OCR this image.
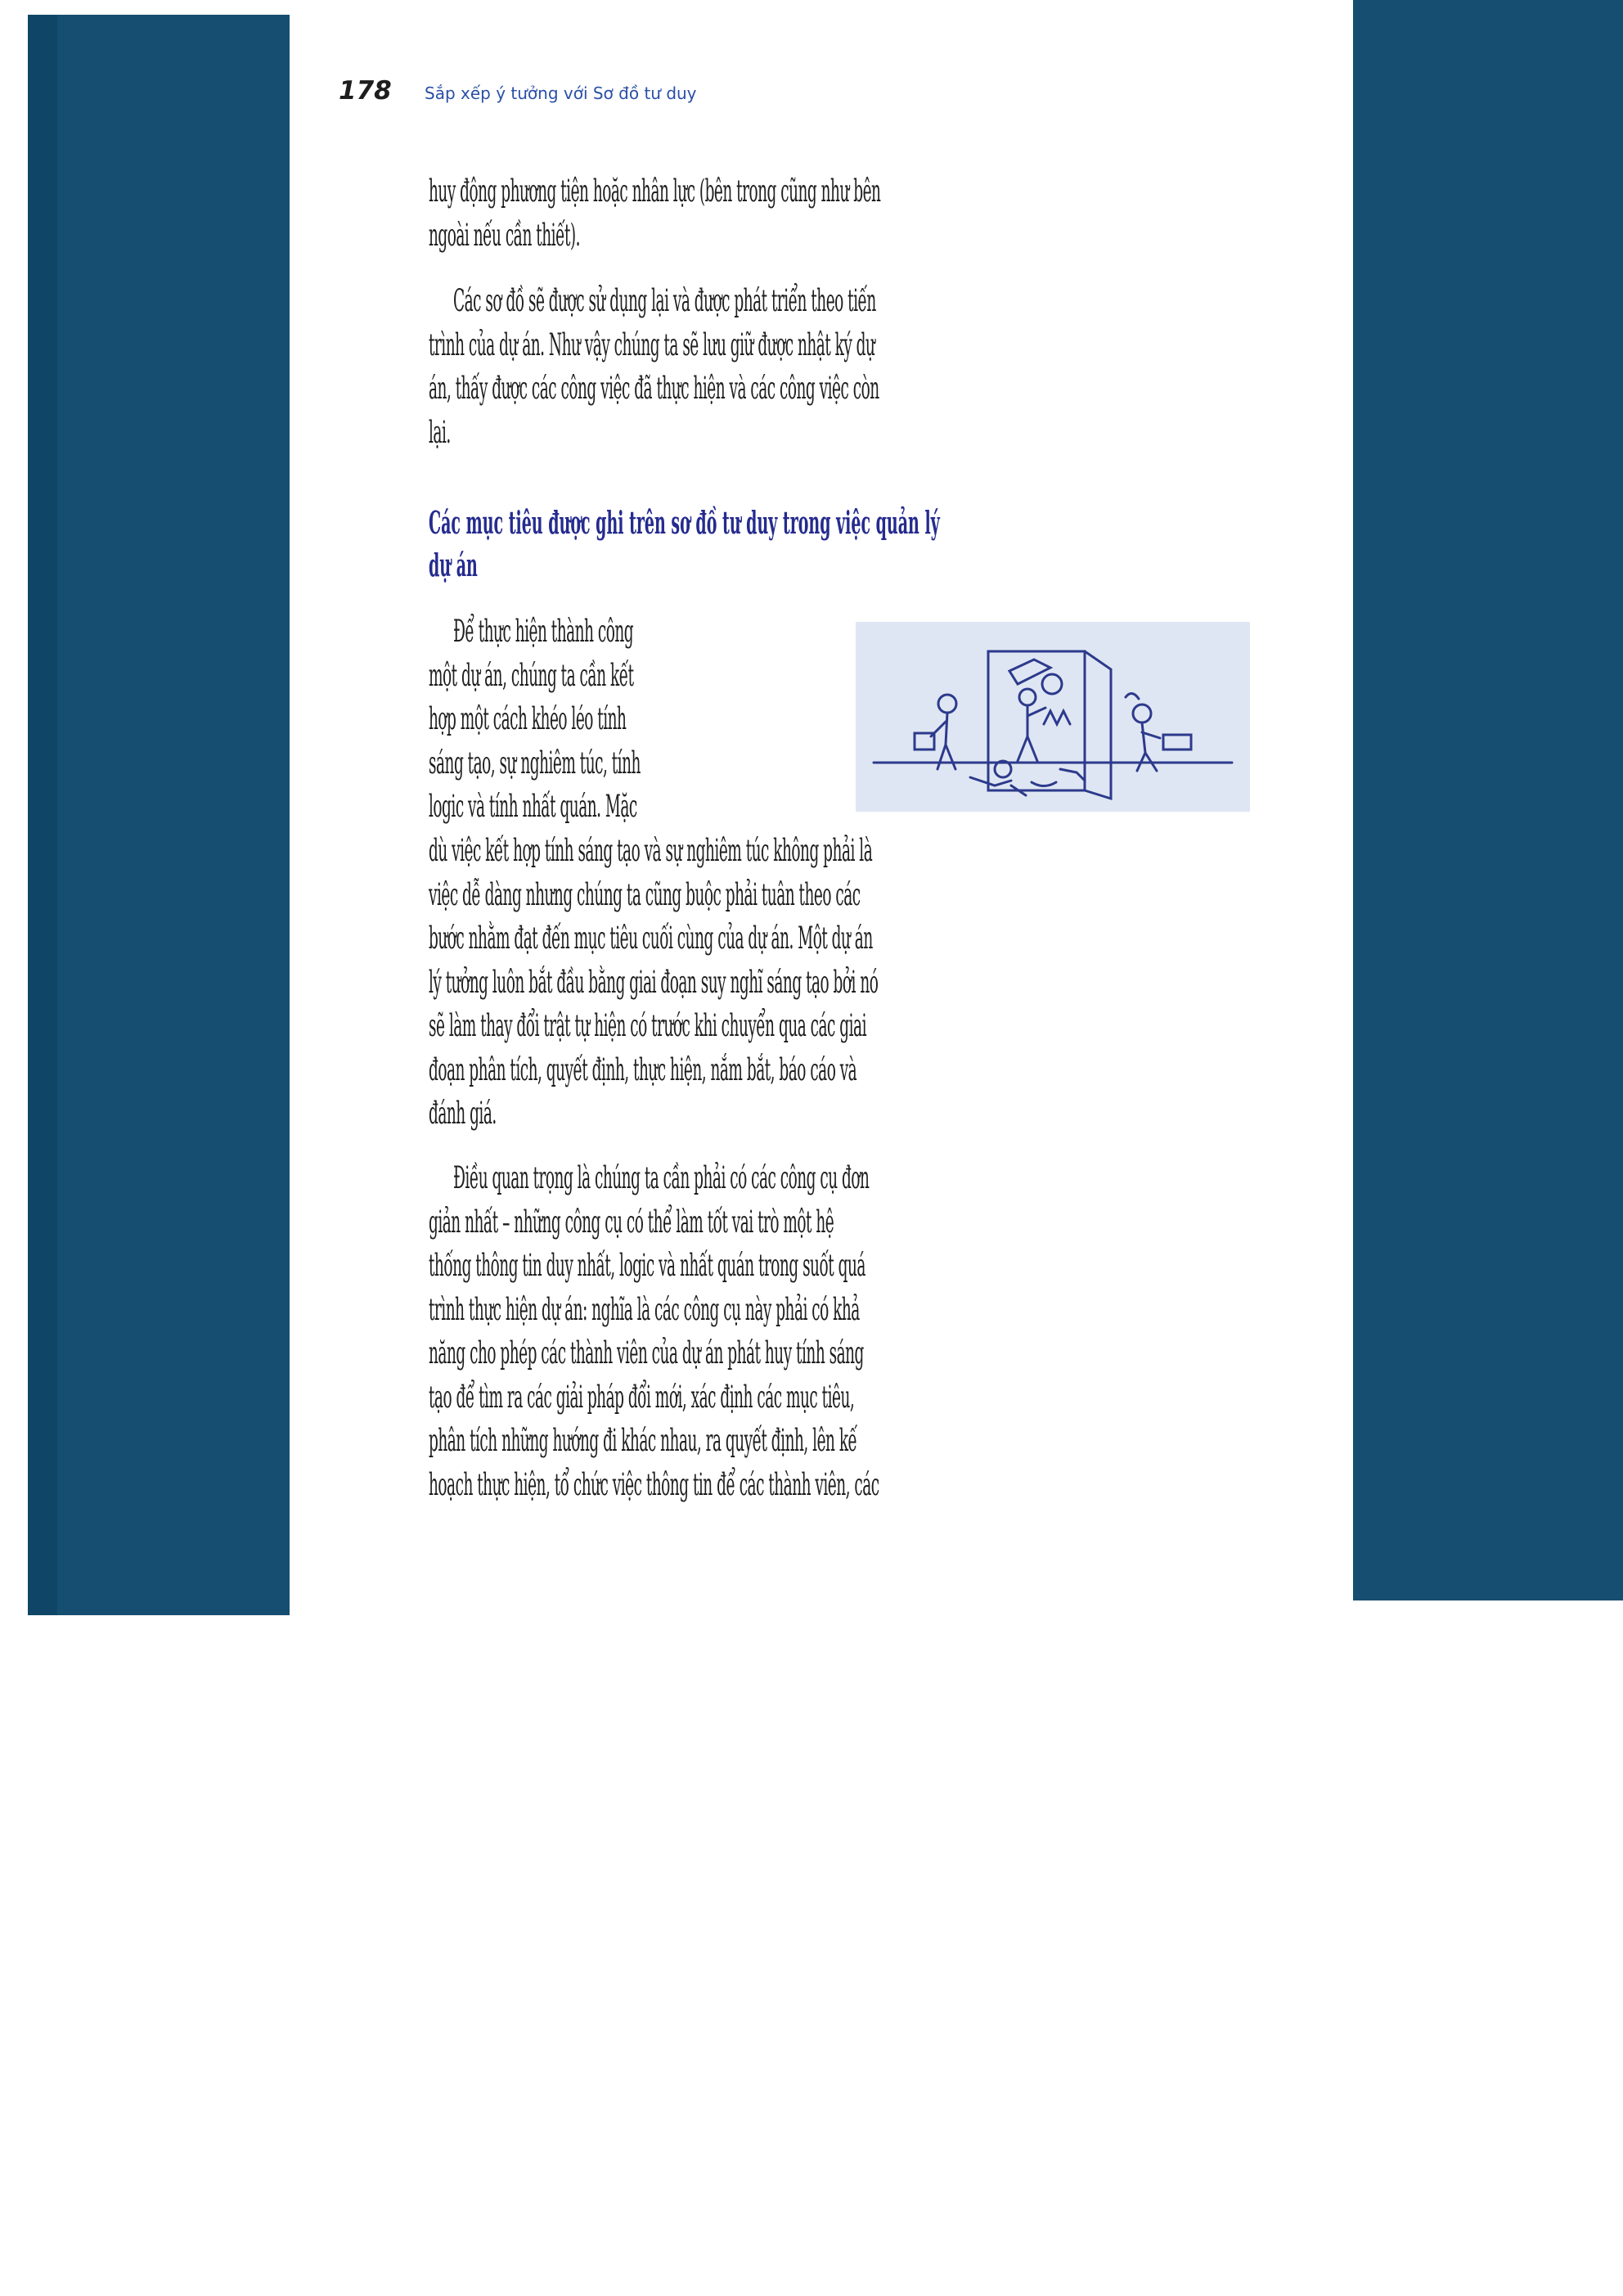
178 Sắp xếp ý tưởng với Sơ đồ tư duy

huy động phương tiện hoặc nhân lực (bên trong cũng như bên
ngoài nếu cần thiết).

Các sơ đồ sẽ được sử dụng lại và được phát triển theo tiến
trình của dự án. Như vậy chúng ta sẽ lưu giữ được nhật ký dự
án, thấy được các công việc đã thực hiện và các công việc còn
lại.

Các mục tiêu được ghi trên sơ đồ tư duy trong việc quản lý
dự án

Để thực hiện thành công
một dự án, chúng ta cần kết
hợp một cách khéo léo tính
sáng tạo, sự nghiêm túc, tính
logic và tính nhất quán. Mặc

dù việc kết hợp tính sáng tạo và sự nghiêm túc không phải là
việc dễ dàng nhưng chúng ta cũng buộc phải tuân theo các
bước nhằm đạt đến mục tiêu cuối cùng của dự án. Một dự án
lý tưởng luôn bắt đầu bằng giai đoạn suy nghĩ sáng tạo bởi nó
sẽ làm thay đổi trật tự hiện có trước khi chuyển qua các giai
đoạn phân tích, quyết định, thực hiện, nắm bắt, báo cáo và
đánh giá.

Điều quan trọng là chúng ta cần phải có các công cụ đơn
giản nhất – những công cụ có thể làm tốt vai trò một hệ
thống thông tin duy nhất, logic và nhất quán trong suốt quá
trình thực hiện dự án: nghĩa là các công cụ này phải có khả
năng cho phép các thành viên của dự án phát huy tính sáng
tạo để tìm ra các giải pháp đổi mới, xác định các mục tiêu,
phân tích những hướng đi khác nhau, ra quyết định, lên kế
hoạch thực hiện, tổ chức việc thông tin để các thành viên, các
